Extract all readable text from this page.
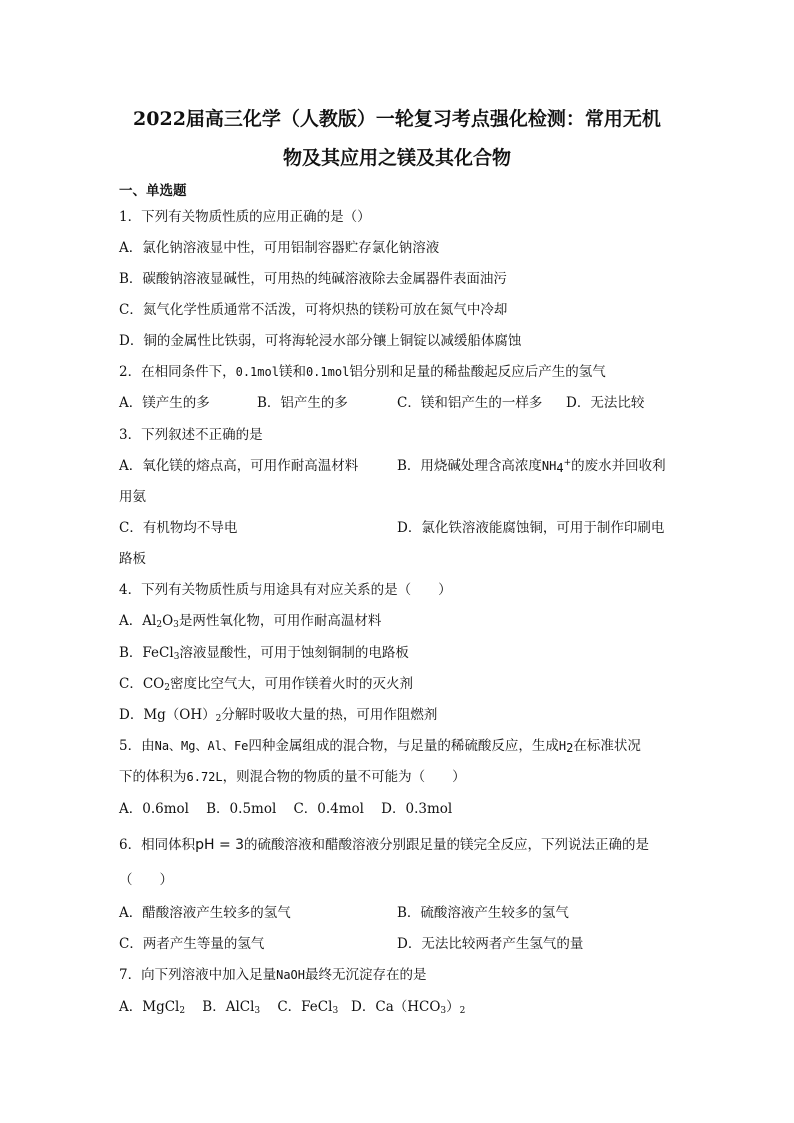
2022届高三化学（人教版）一轮复习考点强化检测：常用无机
物及其应用之镁及其化合物
一、单选题
1．下列有关物质性质的应用正确的是（）
A．氯化钠溶液显中性，可用铝制容器贮存氯化钠溶液
B．碳酸钠溶液显碱性，可用热的纯碱溶液除去金属器件表面油污
C．氮气化学性质通常不活泼，可将炽热的镁粉可放在氮气中冷却
D．铜的金属性比铁弱，可将海轮浸水部分镶上铜锭以减缓船体腐蚀
2．在相同条件下，0.1mol镁和0.1mol铝分别和足量的稀盐酸起反应后产生的氢气
A．镁产生的多	B．铝产生的多	C．镁和铝产生的一样多 D．无法比较
3．下列叙述不正确的是
A．氧化镁的熔点高，可用作耐高温材料	B．用烧碱处理含高浓度$NH_4^+$的废水并回收利
用氨
C．有机物均不导电	D．氯化铁溶液能腐蚀铜，可用于制作印刷电
路板
4．下列有关物质性质与用途具有对应关系的是（　　）
A．$Al_2O_3$是两性氧化物，可用作耐高温材料
B．FeCl$_3$溶液显酸性，可用于蚀刻铜制的电路板
C．$CO_2$密度比空气大，可用作镁着火时的灭火剂
D．$Mg(OH)_2$分解时吸收大量的热，可用作阻燃剂
5．由Na、Mg、Al、Fe四种金属组成的混合物，与足量的稀硫酸反应，生成$H_2$在标准状况
下的体积为6.72L，则混合物的物质的量不可能为（　　）
A．0.6mol B．0.5mol C．0.4mol D．0.3mol
6．相同体积pH = 3的硫酸溶液和醋酸溶液分别跟足量的镁完全反应，下列说法正确的是
（　　）
A．醋酸溶液产生较多的氢气	B．硫酸溶液产生较多的氢气
C．两者产生等量的氢气	D．无法比较两者产生氢气的量
7．向下列溶液中加入足量NaOH最终无沉淀存在的是
A．MgCl$_2$ B．AlCl$_3$ C．FeCl$_3$ D．$Ca(HCO_3)_2$
